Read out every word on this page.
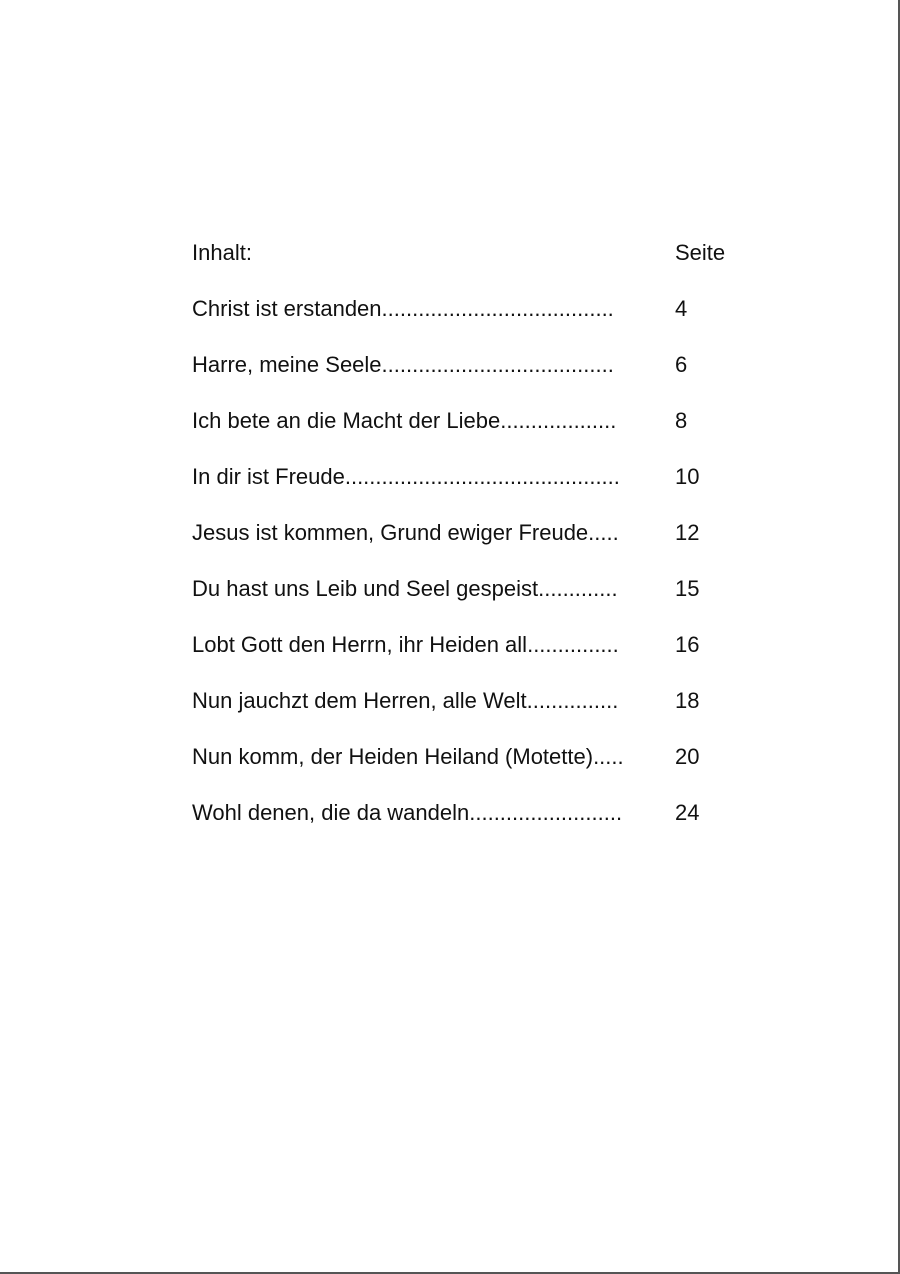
Inhalt:	Seite
Christ ist erstanden......................................	4
Harre, meine Seele......................................	6
Ich bete an die Macht der Liebe...................	8
In dir ist Freude.............................................	10
Jesus ist kommen, Grund ewiger Freude.....	12
Du hast uns Leib und Seel gespeist.............	15
Lobt Gott den Herrn, ihr Heiden all...............	16
Nun jauchzt dem Herren, alle Welt...............	18
Nun komm, der Heiden Heiland (Motette)..... 20
Wohl denen, die da wandeln......................... 24
